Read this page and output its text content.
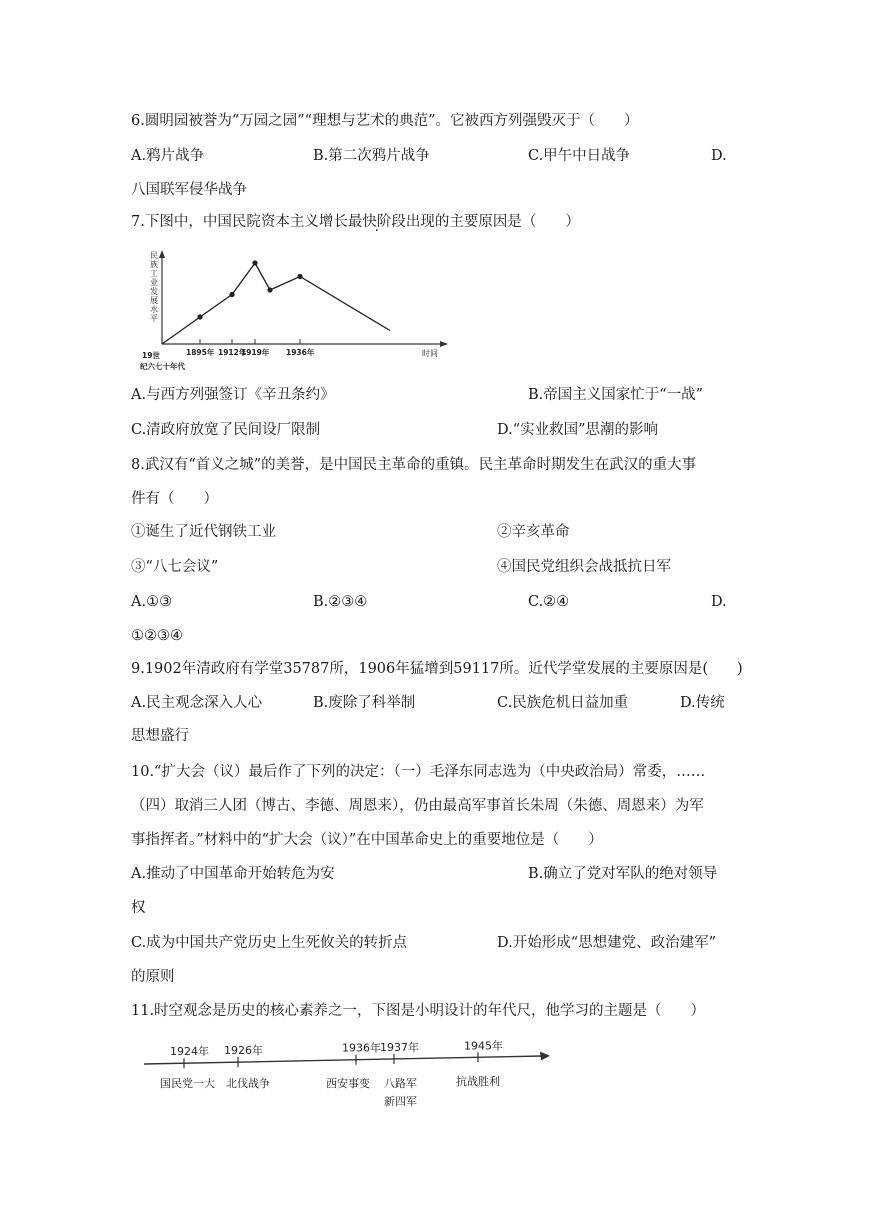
6.圆明园被誉为“万园之园”“理想与艺术的典范”。它被西方列强毁灭于（　　）
A.鸦片战争	B.第二次鸦片战争	C.甲午中日战争	D.
八国联军侵华战争
7.下图中，中国民院资本主义增长最快阶段出现的主要原因是（　　）
19世
纪六七十年代
1895年 1912年
1919年 1936年
民族工业发展水平
时间
A.与西方列强签订《辛丑条约》	B.帝国主义国家忙于“一战”
C.清政府放宽了民间设厂限制	D.“实业救国”思潮的影响
8.武汉有“首义之城”的美誉，是中国民主革命的重镇。民主革命时期发生在武汉的重大事
件有（　　）
①诞生了近代钢铁工业	②辛亥革命
③“八七会议”	④国民党组织会战抵抗日军
A.①③	B.②③④	C.②④	D.
①②③④
9.1902年清政府有学堂35787所，1906年猛增到59117所。近代学堂发展的主要原因是(　　)
A.民主观念深入人心	B.废除了科举制	C.民族危机日益加重	D.传统
思想盛行
10.“扩大会（议）最后作了下列的决定：（一）毛泽东同志选为（中央政治局）常委，……
（四）取消三人团（博古、李德、周恩来），仍由最高军事首长朱周（朱德、周恩来）为军
事指挥者。”材料中的“扩大会（议）”在中国革命史上的重要地位是（　　）
A.推动了中国革命开始转危为安	B.确立了党对军队的绝对领导
权
C.成为中国共产党历史上生死攸关的转折点	D.开始形成“思想建党、政治建军”
的原则
11.时空观念是历史的核心素养之一，下图是小明设计的年代尺，他学习的主题是（　　）
1924年 1926年	1936年 1937年	1945年
国民党一大 北伐战争	西安事变 八路军
新四军
抗战胜利
